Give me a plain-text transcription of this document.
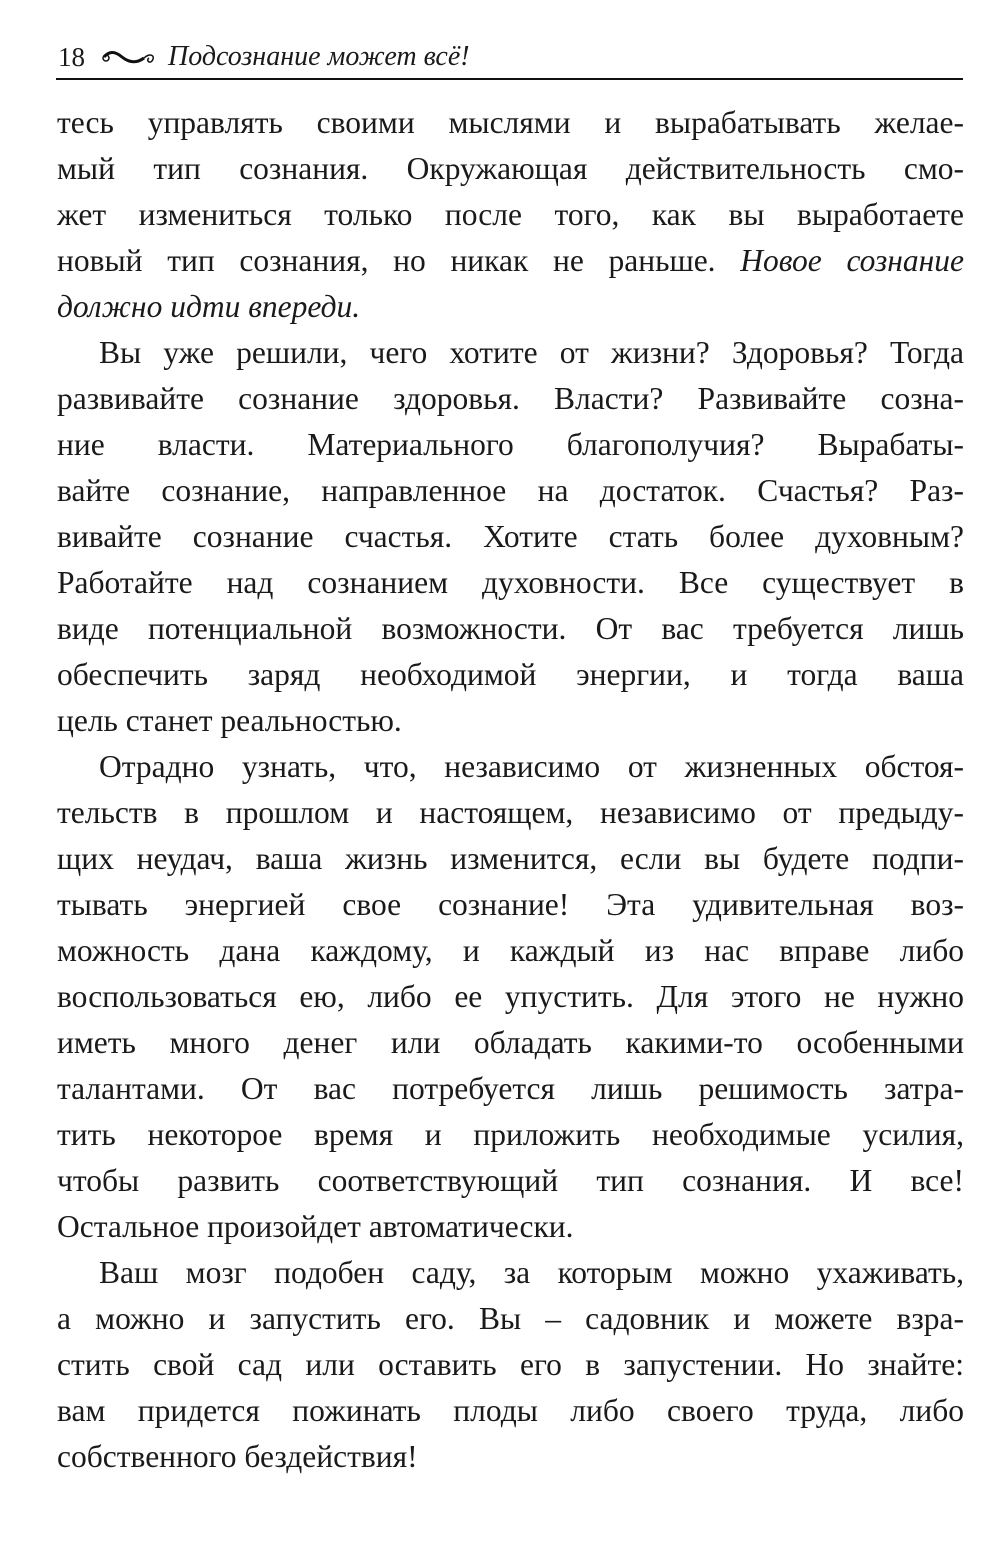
18	Подсознание может всё!
тесь управлять своими мыслями и вырабатывать желае-
мый тип сознания. Окружающая действительность смо-
жет измениться только после того, как вы выработаете
новый тип сознания, но никак не раньше. Новое сознание
должно идти впереди.
Вы уже решили, чего хотите от жизни? Здоровья? Тогда
развивайте сознание здоровья. Власти? Развивайте созна-
ние власти. Материального благополучия? Вырабаты-
вайте сознание, направленное на достаток. Счастья? Раз-
вивайте сознание счастья. Хотите стать более духовным?
Работайте над сознанием духовности. Все существует в
виде потенциальной возможности. От вас требуется лишь
обеспечить заряд необходимой энергии, и тогда ваша
цель станет реальностью.
Отрадно узнать, что, независимо от жизненных обстоя-
тельств в прошлом и настоящем, независимо от предыду-
щих неудач, ваша жизнь изменится, если вы будете подпи-
тывать энергией свое сознание! Эта удивительная воз-
можность дана каждому, и каждый из нас вправе либо
воспользоваться ею, либо ее упустить. Для этого не нужно
иметь много денег или обладать какими-то особенными
талантами. От вас потребуется лишь решимость затра-
тить некоторое время и приложить необходимые усилия,
чтобы развить соответствующий тип сознания. И все!
Остальное произойдет автоматически.
Ваш мозг подобен саду, за которым можно ухаживать,
а можно и запустить его. Вы – садовник и можете взра-
стить свой сад или оставить его в запустении. Но знайте:
вам придется пожинать плоды либо своего труда, либо
собственного бездействия!
